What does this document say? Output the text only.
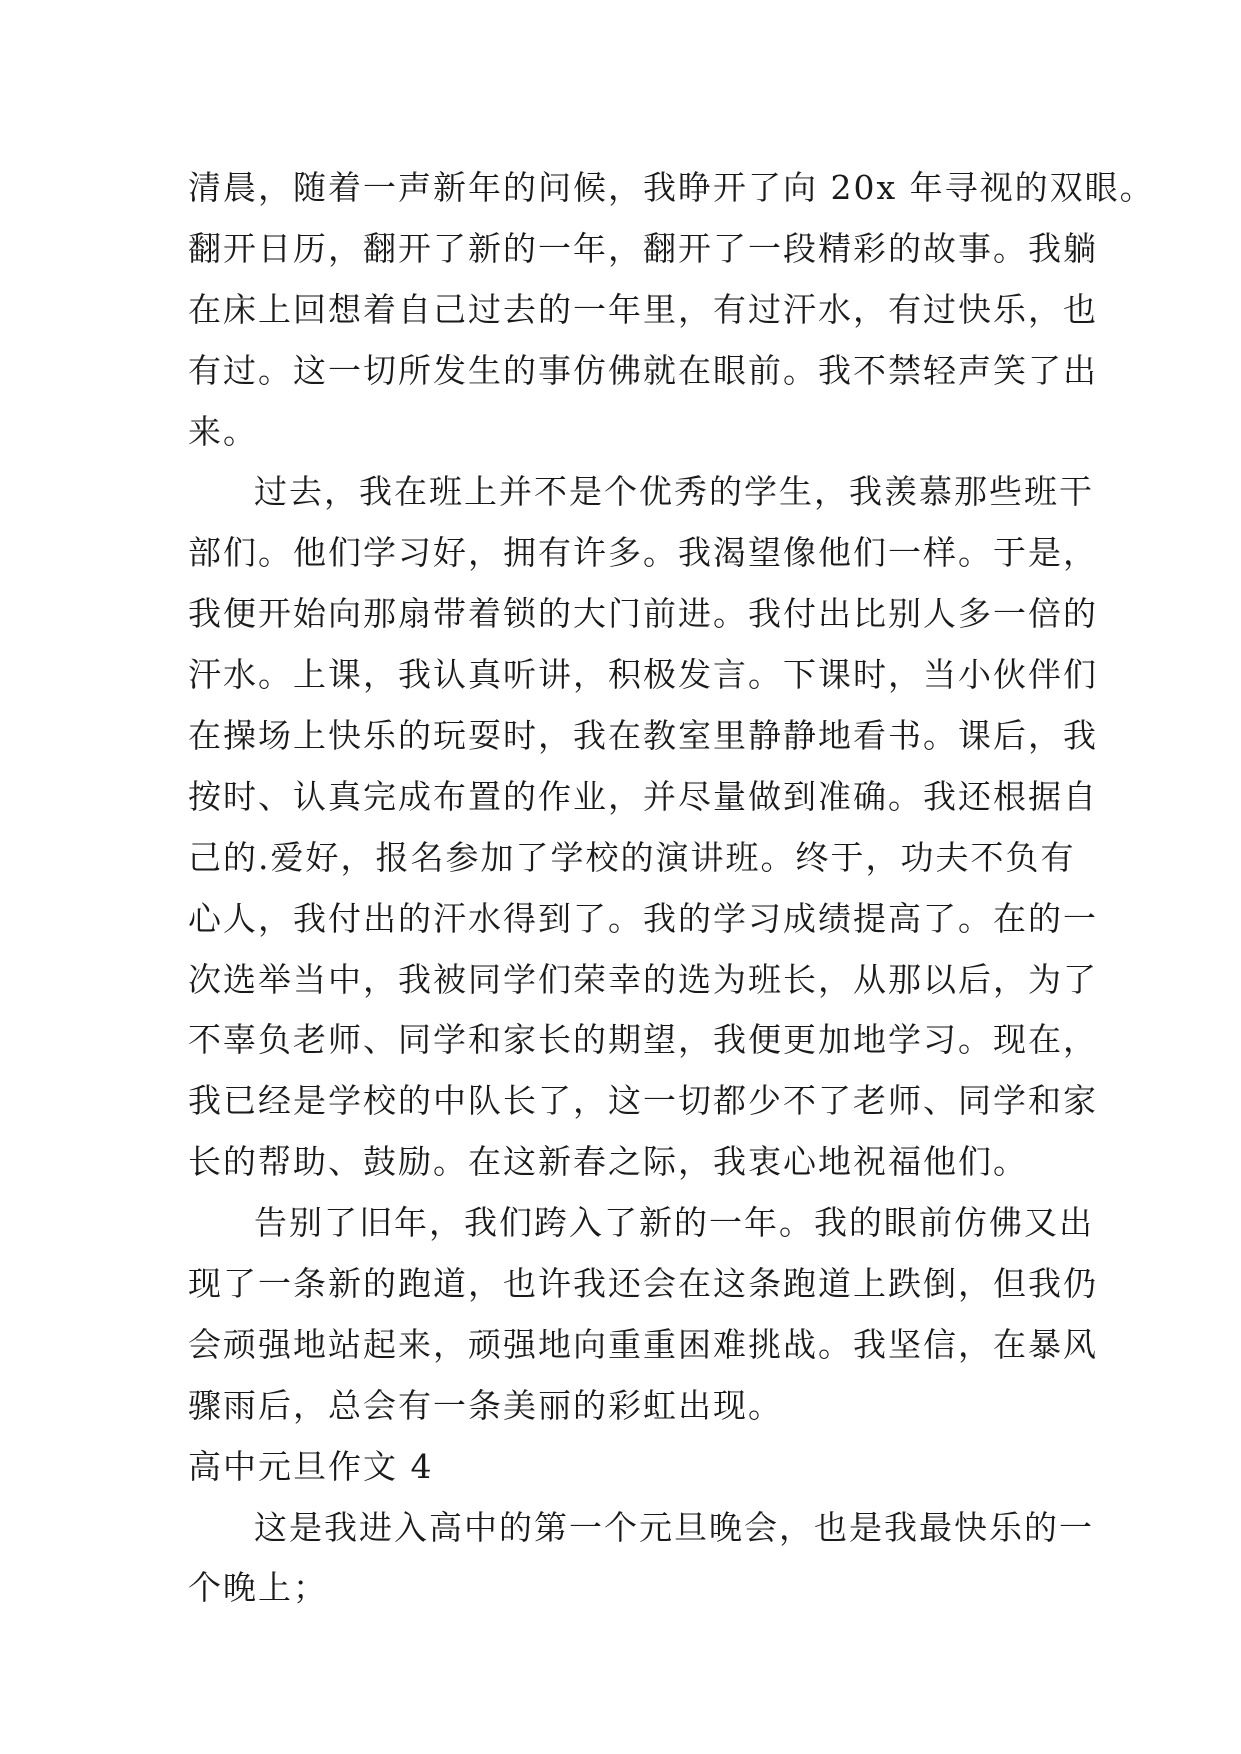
清晨，随着一声新年的问候，我睁开了向 20x 年寻视的双眼。
翻开日历，翻开了新的一年，翻开了一段精彩的故事。我躺
在床上回想着自己过去的一年里，有过汗水，有过快乐，也
有过。这一切所发生的事仿佛就在眼前。我不禁轻声笑了出
来。
过去，我在班上并不是个优秀的学生，我羡慕那些班干
部们。他们学习好，拥有许多。我渴望像他们一样。于是，
我便开始向那扇带着锁的大门前进。我付出比别人多一倍的
汗水。上课，我认真听讲，积极发言。下课时，当小伙伴们
在操场上快乐的玩耍时，我在教室里静静地看书。课后，我
按时、认真完成布置的作业，并尽量做到准确。我还根据自
己的.爱好，报名参加了学校的演讲班。终于，功夫不负有
心人，我付出的汗水得到了。我的学习成绩提高了。在的一
次选举当中，我被同学们荣幸的选为班长，从那以后，为了
不辜负老师、同学和家长的期望，我便更加地学习。现在，
我已经是学校的中队长了，这一切都少不了老师、同学和家
长的帮助、鼓励。在这新春之际，我衷心地祝福他们。
告别了旧年，我们跨入了新的一年。我的眼前仿佛又出
现了一条新的跑道，也许我还会在这条跑道上跌倒，但我仍
会顽强地站起来，顽强地向重重困难挑战。我坚信，在暴风
骤雨后，总会有一条美丽的彩虹出现。
高中元旦作文 4
这是我进入高中的第一个元旦晚会，也是我最快乐的一
个晚上；
